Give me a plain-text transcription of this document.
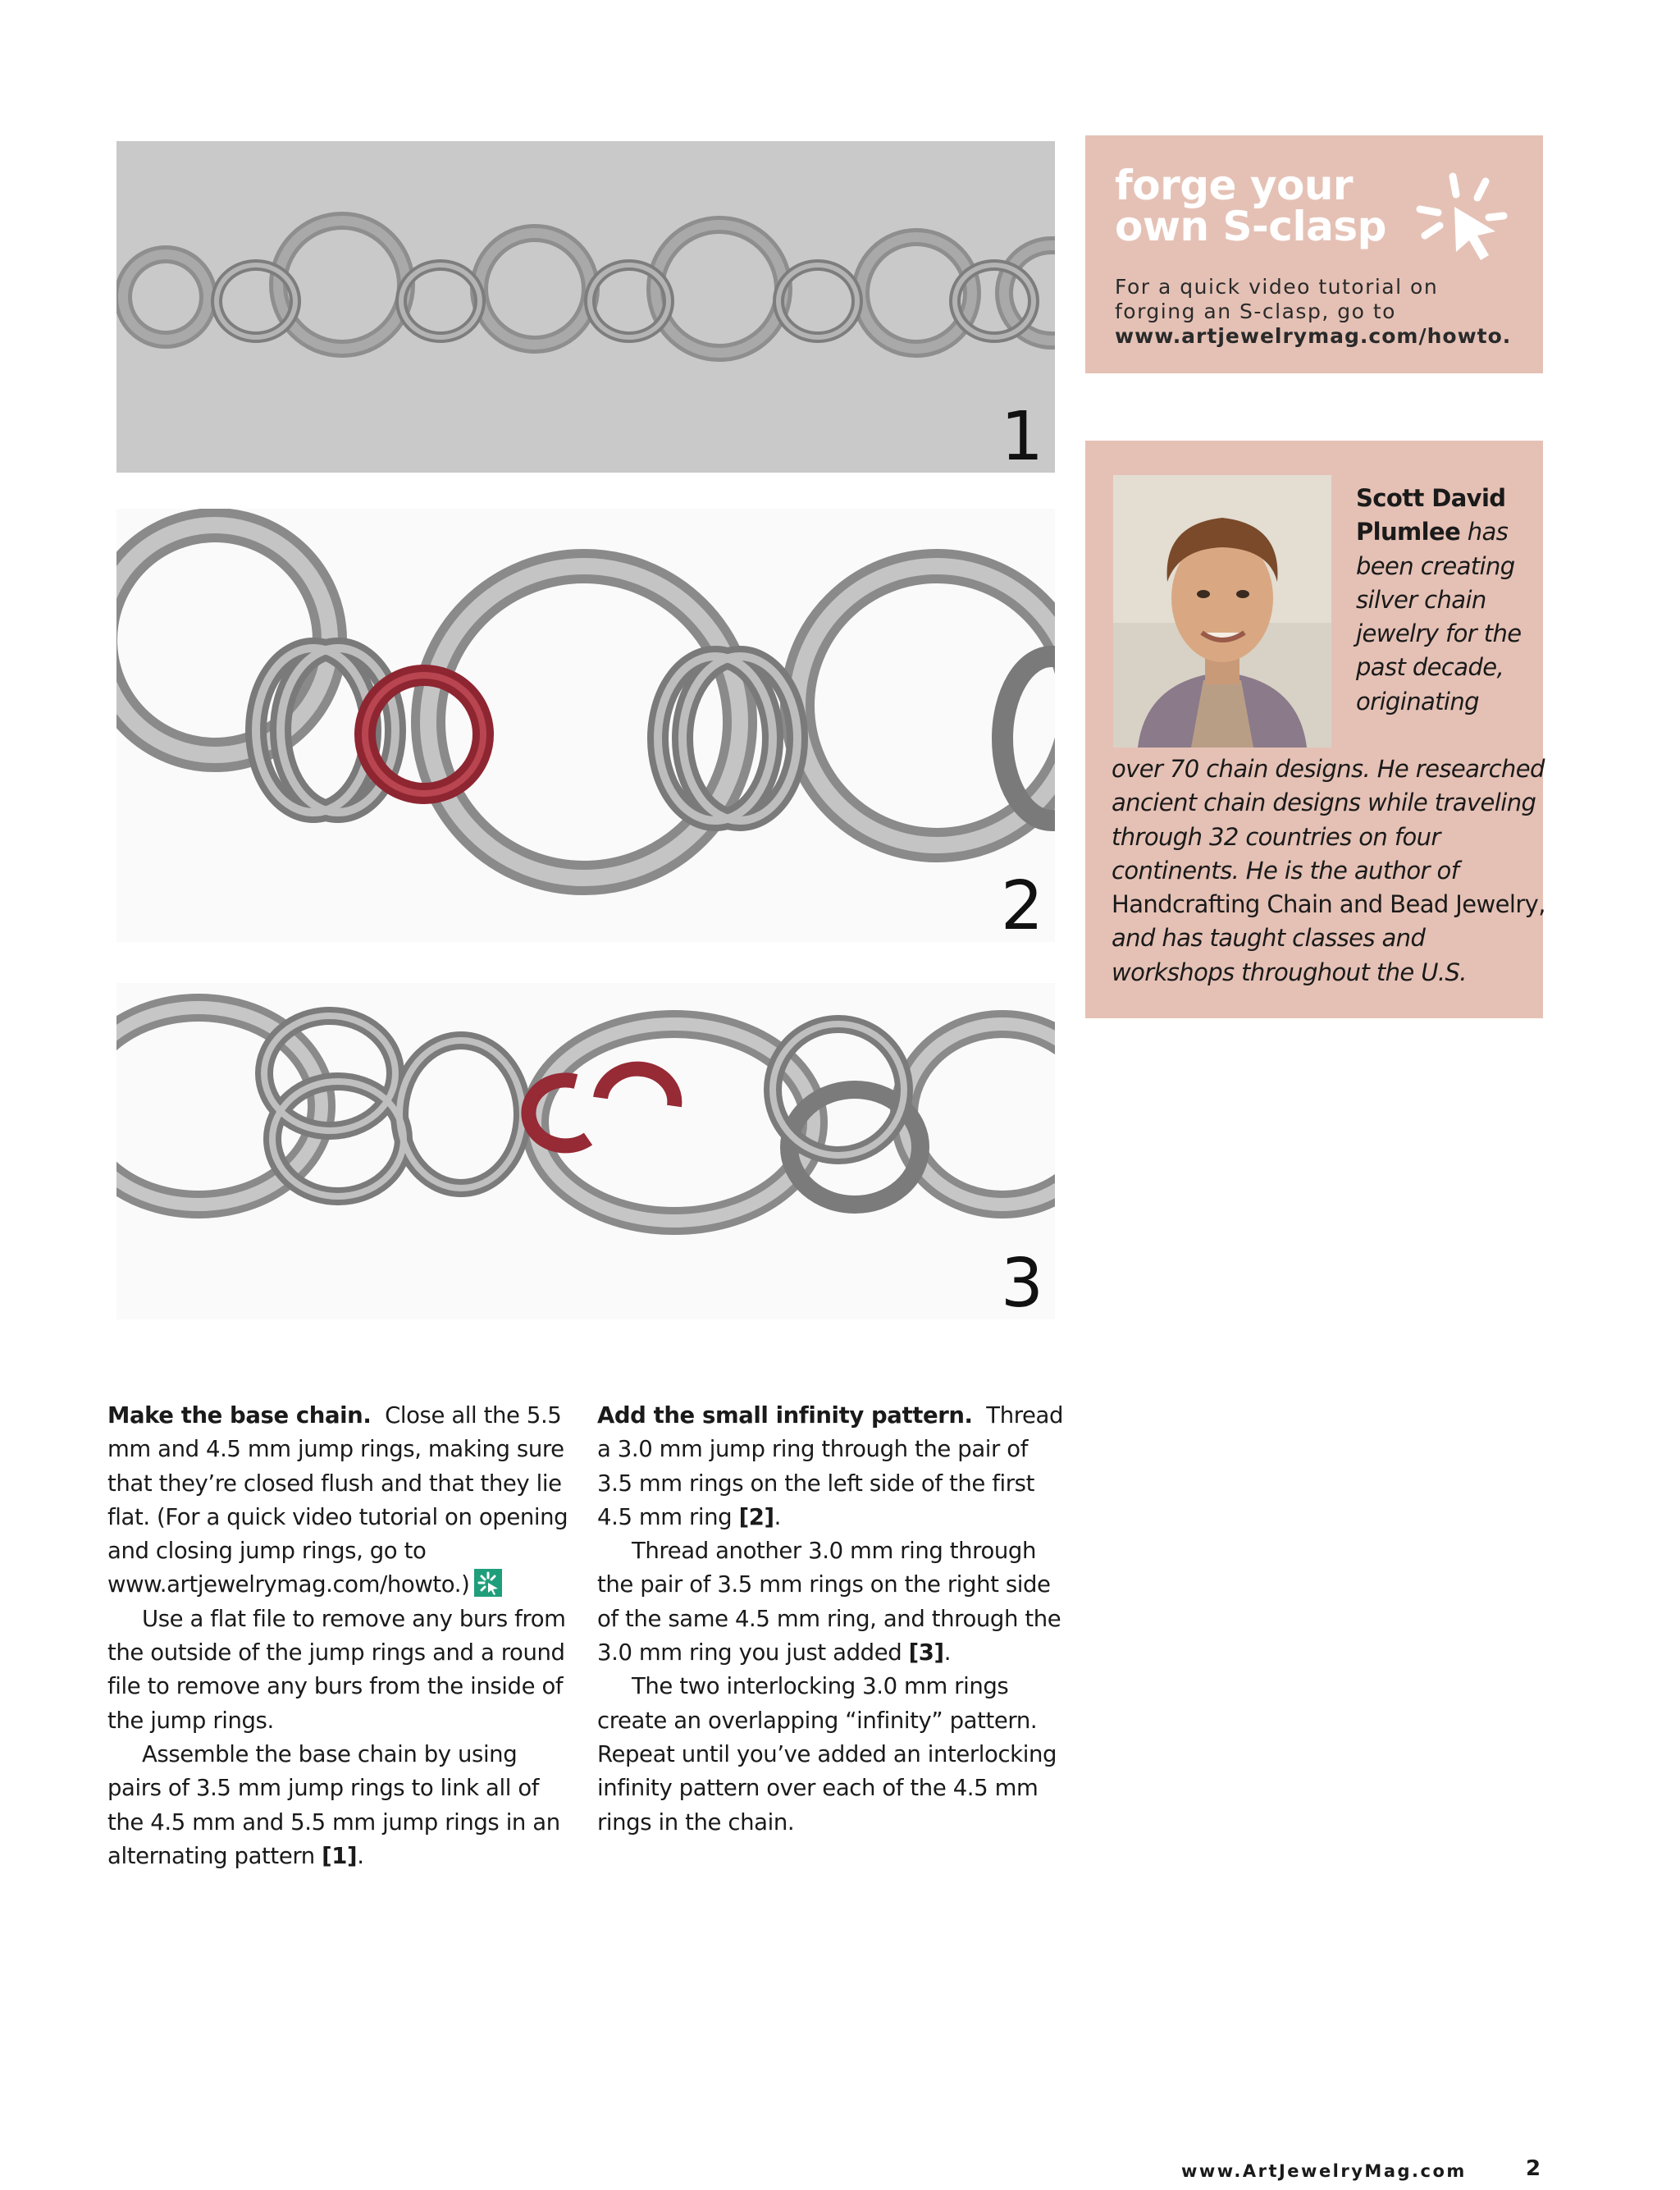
1
2
3
forge your
own S-clasp
For a quick video tutorial on
forging an S-clasp, go to
www.artjewelrymag.com/howto.
Scott David Plumlee has been creating silver chain jewelry for the past decade, originating
over 70 chain designs. He researched ancient chain designs while traveling through 32 countries on four continents. He is the author of Handcrafting Chain and Bead Jewelry, and has taught classes and workshops throughout the U.S.

Make the base chain. Close all the 5.5 mm and 4.5 mm jump rings, making sure that they’re closed flush and that they lie flat. (For a quick video tutorial on opening and closing jump rings, go to www.artjewelrymag.com/howto.)

Use a flat file to remove any burs from the outside of the jump rings and a round file to remove any burs from the inside of the jump rings.

Assemble the base chain by using pairs of 3.5 mm jump rings to link all of the 4.5 mm and 5.5 mm jump rings in an alternating pattern [1].

Add the small infinity pattern. Thread a 3.0 mm jump ring through the pair of 3.5 mm rings on the left side of the first 4.5 mm ring [2].

Thread another 3.0 mm ring through the pair of 3.5 mm rings on the right side of the same 4.5 mm ring, and through the 3.0 mm ring you just added [3].

The two interlocking 3.0 mm rings create an overlapping “infinity” pattern. Repeat until you’ve added an interlocking infinity pattern over each of the 4.5 mm rings in the chain.

www.ArtJewelryMag.com	2
